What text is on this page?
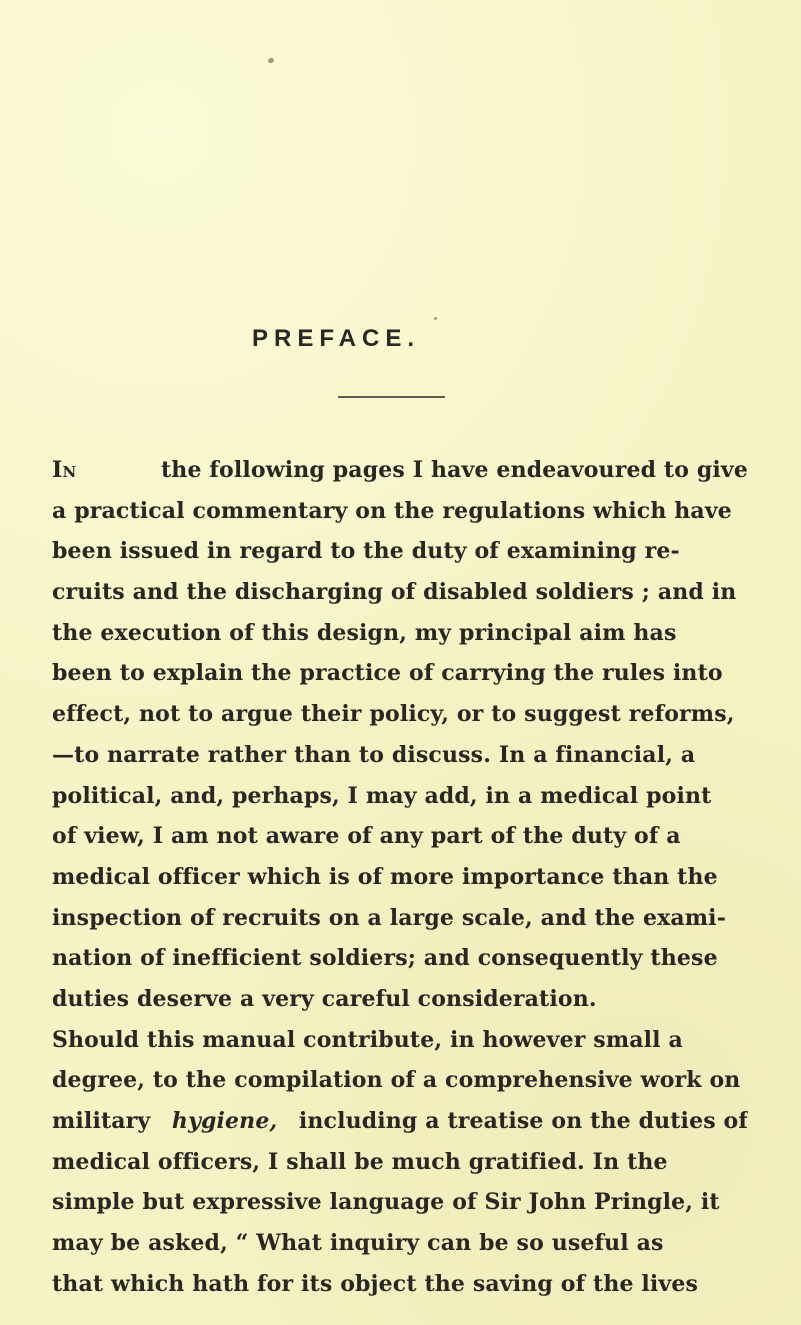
PREFACE.
In	the following pages I have endeavoured to give
a practical commentary on the regulations which have
been issued in regard to the duty of examining re-
cruits and the discharging of disabled soldiers ; and in
the execution of this design, my principal aim has
been to explain the practice of carrying the rules into
effect, not to argue their policy, or to suggest reforms,
—to narrate rather than to discuss. In a financial, a
political, and, perhaps, I may add, in a medical point
of view, I am not aware of any part of the duty of a
medical officer which is of more importance than the
inspection of recruits on a large scale, and the exami-
nation of inefficient soldiers; and consequently these
duties deserve a very careful consideration.
Should this manual contribute, in however small a
degree, to the compilation of a comprehensive work on
military hygiene, including a treatise on the duties of
medical officers, I shall be much gratified. In the
simple but expressive language of Sir John Pringle, it
may be asked, “ What inquiry can be so useful as
that which hath for its object the saving of the lives
